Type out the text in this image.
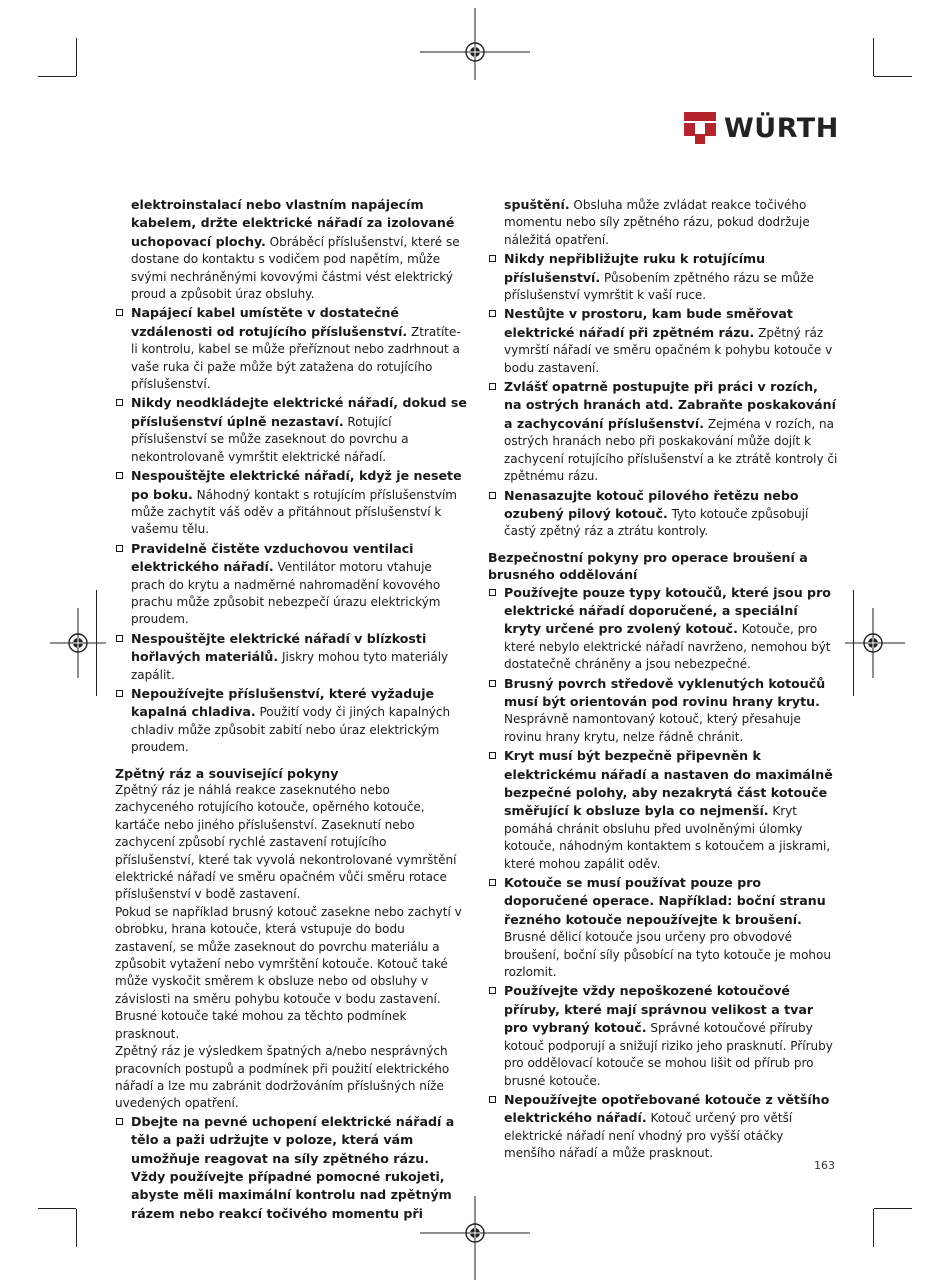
WÜRTH
elektroinstalací nebo vlastním napájecím kabelem, držte elektrické nářadí za izolované uchopovací plochy. Obráběcí příslušenství, které se dostane do kontaktu s vodičem pod napětím, může svými nechráněnými kovovými částmi vést elektrický proud a způsobit úraz obsluhy.
Napájecí kabel umístěte v dostatečné vzdálenosti od rotujícího příslušenství. Ztratíte-li kontrolu, kabel se může přeříznout nebo zadrhnout a vaše ruka či paže může být zatažena do rotujícího příslušenství.
Nikdy neodkládejte elektrické nářadí, dokud se příslušenství úplně nezastaví. Rotující příslušenství se může zaseknout do povrchu a nekontrolovaně vymrštit elektrické nářadí.
Nespouštějte elektrické nářadí, když je nesete po boku. Náhodný kontakt s rotujícím příslušenstvím může zachytit váš oděv a přitáhnout příslušenství k vašemu tělu.
Pravidelně čistěte vzduchovou ventilaci elektrického nářadí. Ventilátor motoru vtahuje prach do krytu a nadměrné nahromadění kovového prachu může způsobit nebezpečí úrazu elektrickým proudem.
Nespouštějte elektrické nářadí v blízkosti hořlavých materiálů. Jiskry mohou tyto materiály zapálit.
Nepoužívejte příslušenství, které vyžaduje kapalná chladiva. Použití vody či jiných kapalných chladiv může způsobit zabití nebo úraz elektrickým proudem.
Zpětný ráz a související pokyny
Zpětný ráz je náhlá reakce zaseknutého nebo zachyceného rotujícího kotouče, opěrného kotouče, kartáče nebo jiného příslušenství. Zaseknutí nebo zachycení způsobí rychlé zastavení rotujícího příslušenství, které tak vyvolá nekontrolované vymrštění elektrické nářadí ve směru opačném vůči směru rotace příslušenství v bodě zastavení.
Pokud se například brusný kotouč zasekne nebo zachytí v obrobku, hrana kotouče, která vstupuje do bodu zastavení, se může zaseknout do povrchu materiálu a způsobit vytažení nebo vymrštění kotouče. Kotouč také může vyskočit směrem k obsluze nebo od obsluhy v závislosti na směru pohybu kotouče v bodu zastavení. Brusné kotouče také mohou za těchto podmínek prasknout.
Zpětný ráz je výsledkem špatných a/nebo nesprávných pracovních postupů a podmínek při použití elektrického nářadí a lze mu zabránit dodržováním příslušných níže uvedených opatření.
Dbejte na pevné uchopení elektrické nářadí a tělo a paži udržujte v poloze, která vám umožňuje reagovat na síly zpětného rázu. Vždy používejte případné pomocné rukojeti, abyste měli maximální kontrolu nad zpětným rázem nebo reakcí točivého momentu při
spuštění. Obsluha může zvládat reakce točivého momentu nebo síly zpětného rázu, pokud dodržuje náležitá opatření.
Nikdy nepřibližujte ruku k rotujícímu příslušenství. Působením zpětného rázu se může příslušenství vymrštit k vaší ruce.
Nestůjte v prostoru, kam bude směřovat elektrické nářadí při zpětném rázu. Zpětný ráz vymrští nářadí ve směru opačném k pohybu kotouče v bodu zastavení.
Zvlášť opatrně postupujte při práci v rozích, na ostrých hranách atd. Zabraňte poskakování a zachycování příslušenství. Zejména v rozích, na ostrých hranách nebo při poskakování může dojít k zachycení rotujícího příslušenství a ke ztrátě kontroly či zpětnému rázu.
Nenasazujte kotouč pilového řetězu nebo ozubený pilový kotouč. Tyto kotouče způsobují častý zpětný ráz a ztrátu kontroly.
Bezpečnostní pokyny pro operace broušení a brusného oddělování
Používejte pouze typy kotoučů, které jsou pro elektrické nářadí doporučené, a speciální kryty určené pro zvolený kotouč. Kotouče, pro které nebylo elektrické nářadí navrženo, nemohou být dostatečně chráněny a jsou nebezpečné.
Brusný povrch středově vyklenutých kotoučů musí být orientován pod rovinu hrany krytu. Nesprávně namontovaný kotouč, který přesahuje rovinu hrany krytu, nelze řádně chránit.
Kryt musí být bezpečně připevněn k elektrickému nářadí a nastaven do maximálně bezpečné polohy, aby nezakrytá část kotouče směřující k obsluze byla co nejmenší. Kryt pomáhá chránit obsluhu před uvolněnými úlomky kotouče, náhodným kontaktem s kotoučem a jiskrami, které mohou zapálit oděv.
Kotouče se musí používat pouze pro doporučené operace. Například: boční stranu řezného kotouče nepoužívejte k broušení. Brusné dělicí kotouče jsou určeny pro obvodové broušení, boční síly působící na tyto kotouče je mohou rozlomit.
Používejte vždy nepoškozené kotoučové příruby, které mají správnou velikost a tvar pro vybraný kotouč. Správné kotoučové příruby kotouč podporují a snižují riziko jeho prasknutí. Příruby pro oddělovací kotouče se mohou lišit od přírub pro brusné kotouče.
Nepoužívejte opotřebované kotouče z většího elektrického nářadí. Kotouč určený pro větší elektrické nářadí není vhodný pro vyšší otáčky menšího nářadí a může prasknout.
163
